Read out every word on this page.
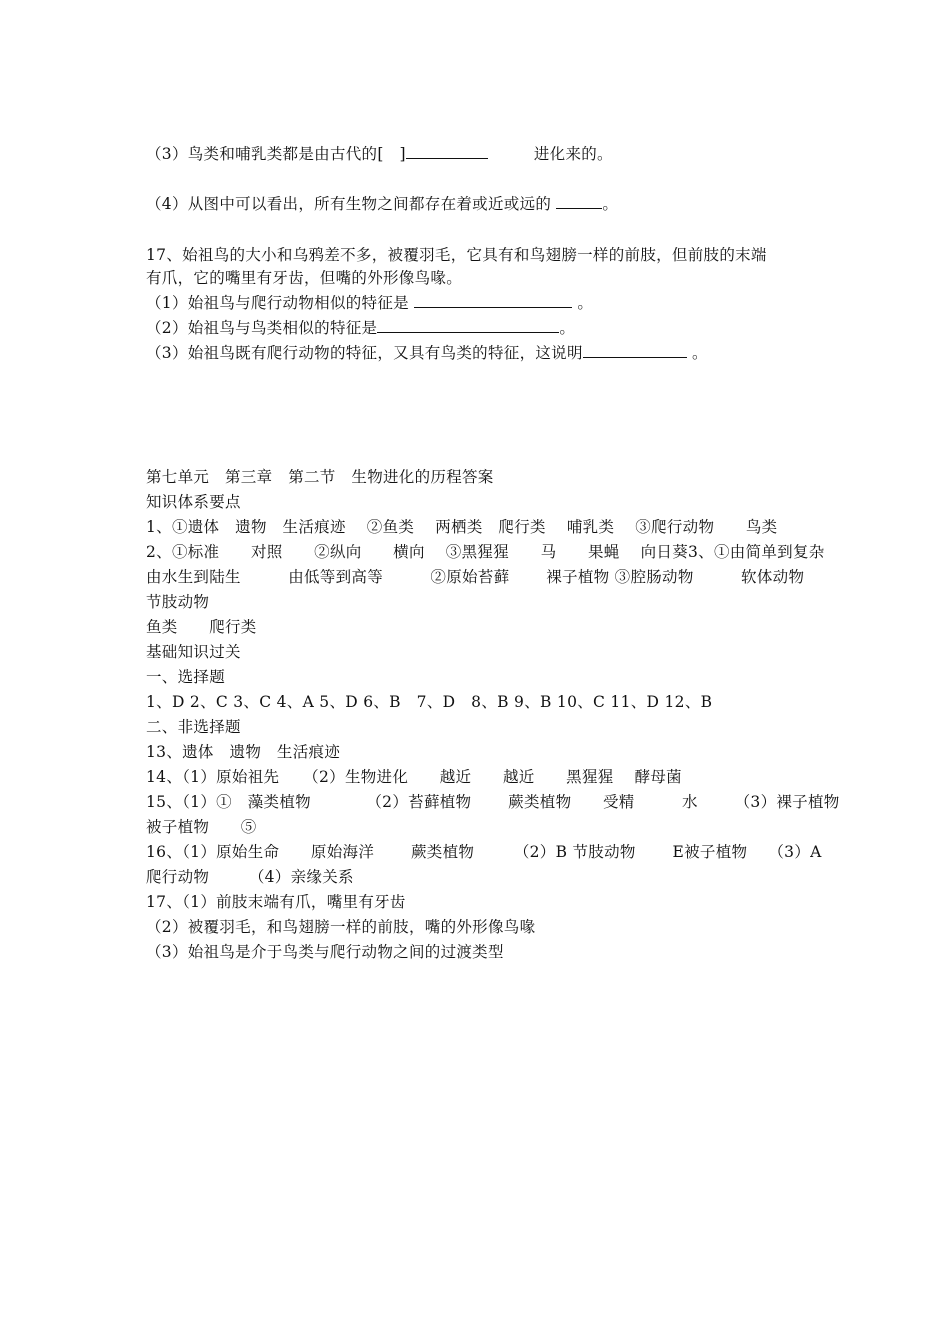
（3）鸟类和哺乳类都是由古代的[　]	进化来的。
（4）从图中可以看出，所有生物之间都存在着或近或远的	。
17、始祖鸟的大小和乌鸦差不多，被覆羽毛，它具有和鸟翅膀一样的前肢，但前肢的末端
有爪，它的嘴里有牙齿，但嘴的外形像鸟喙。
（1）始祖鸟与爬行动物相似的特征是	。
（2）始祖鸟与鸟类相似的特征是	。
（3）始祖鸟既有爬行动物的特征，又具有鸟类的特征，这说明	。
第七单元　第三章　第二节　生物进化的历程答案
知识体系要点
1、①遗体　遗物　生活痕迹　 ②鱼类　 两栖类　爬行类　 哺乳类　 ③爬行动物　　鸟类
2、①标准　　对照　　②纵向　　横向　 ③黑猩猩　　马　　果蝇　 向日葵3、①由简单到复杂
由水生到陆生　　　由低等到高等　　　②原始苔藓　　 裸子植物 ③腔肠动物　　　软体动物
节肢动物
鱼类　　爬行类
基础知识过关
一、选择题
1、D 2、C 3、C 4、A 5、D 6、B　7、D　8、B 9、B 10、C 11、D 12、B
二、非选择题
13、遗体　遗物　生活痕迹
14、（1）原始祖先　　（2）生物进化　　越近　　越近　　黑猩猩　 酵母菌
15、（1）①　藻类植物　　　　（2）苔藓植物　　 蕨类植物　　受精　　　水　　 （3）裸子植物
被子植物　　⑤
16、（1）原始生命　　原始海洋　　 蕨类植物　　　（2）B 节肢动物　　 E被子植物　 （3）A
爬行动物　　　（4）亲缘关系
17、（1）前肢末端有爪，嘴里有牙齿
（2）被覆羽毛，和鸟翅膀一样的前肢，嘴的外形像鸟喙
（3）始祖鸟是介于鸟类与爬行动物之间的过渡类型
